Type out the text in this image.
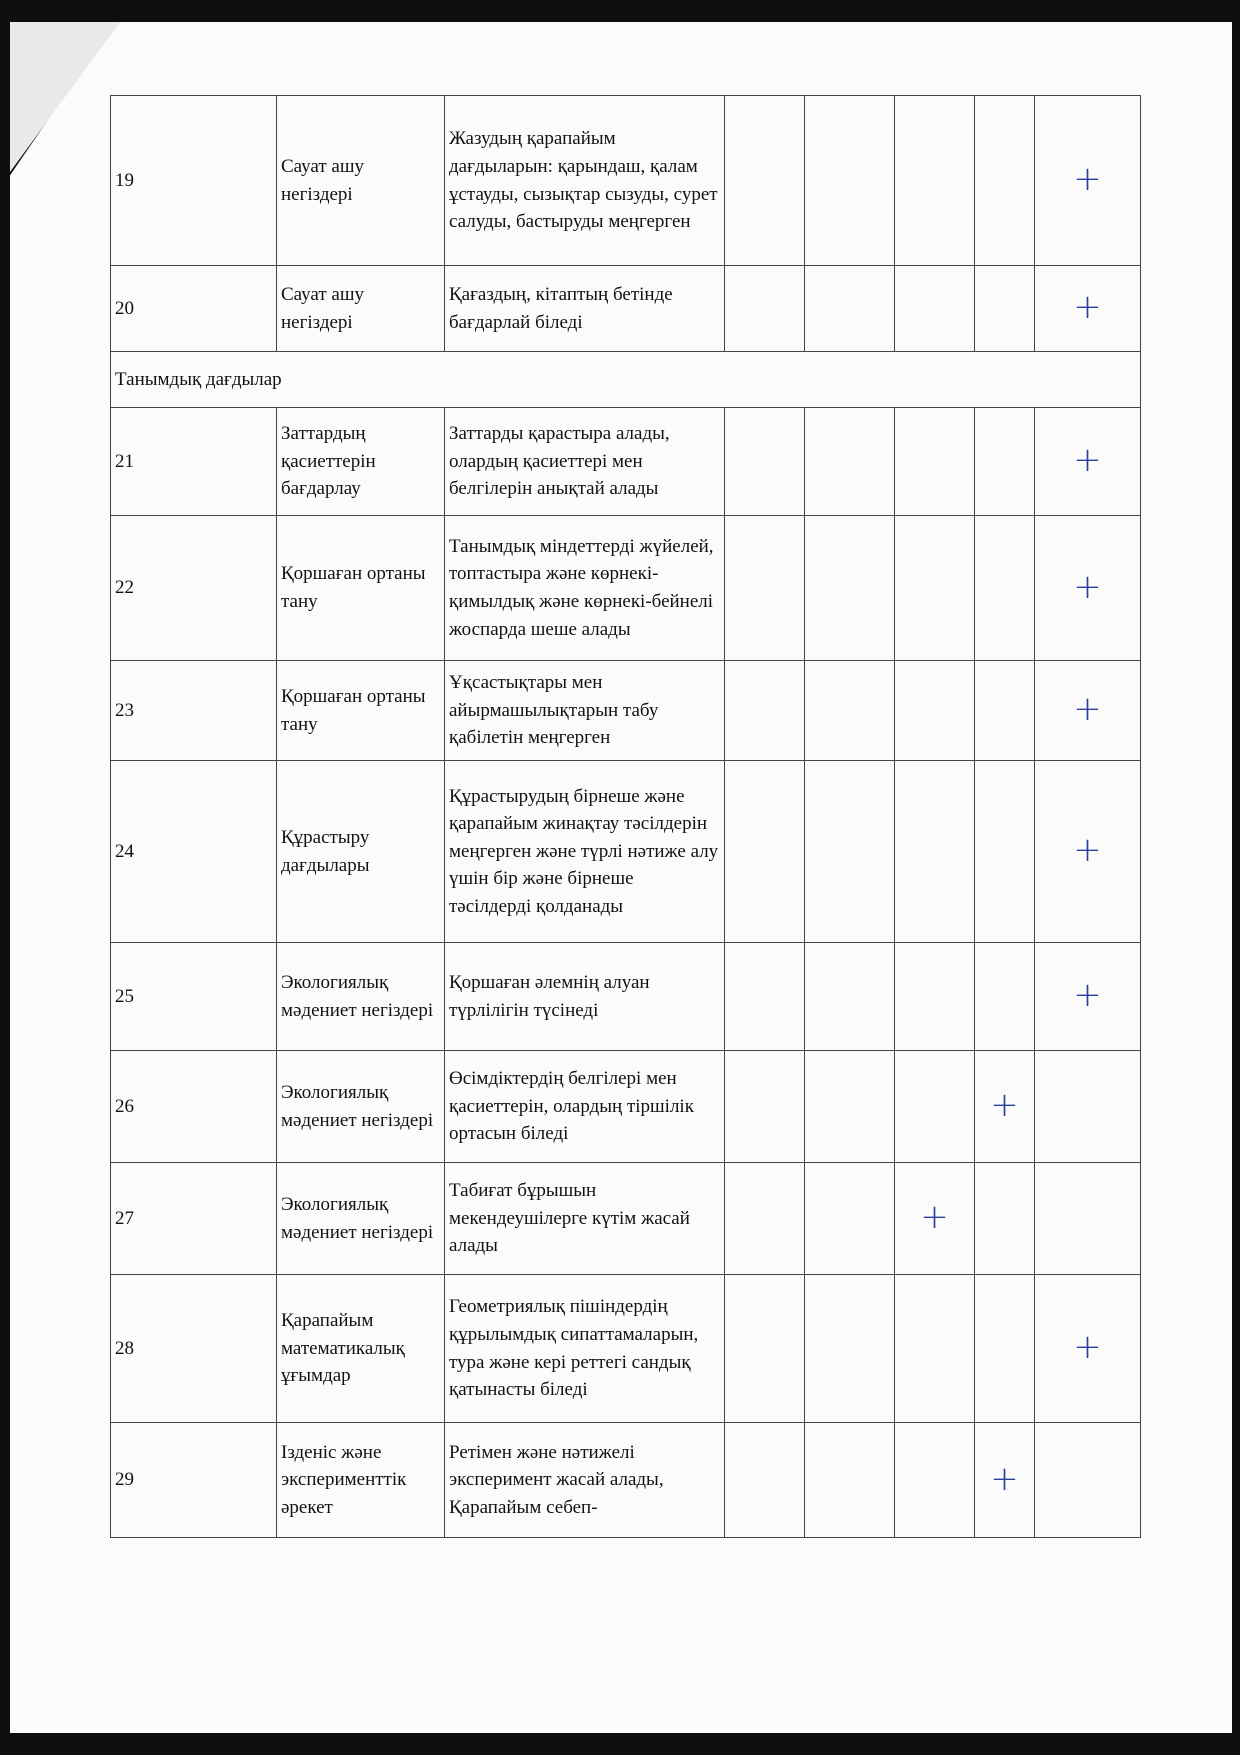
19	Сауат ашу негіздері	Жазудың қарапайым дағдыларын: қарындаш, қалам ұстауды, сызықтар сызуды, сурет салуды, бастыруды меңгерген					+
20	Сауат ашу негіздері	Қағаздың, кітаптың бетінде бағдарлай біледі					+
Танымдық дағдылар							
21	Заттардың қасиеттерін бағдарлау	Заттарды қарастыра алады, олардың қасиеттері мен белгілерін анықтай алады					+
22	Қоршаған ортаны тану	Танымдық міндеттерді жүйелей, топтастыра және көрнекі-қимылдық және көрнекі-бейнелі жоспарда шеше алады					+
23	Қоршаған ортаны тану	Ұқсастықтары мен айырмашылықтарын табу қабілетін меңгерген					+
24	Құрастыру дағдылары	Құрастырудың бірнеше және қарапайым жинақтау тәсілдерін меңгерген және түрлі нәтиже алу үшін бір және бірнеше тәсілдерді қолданады					+
25	Экологиялық мәдениет негіздері	Қоршаған әлемнің алуан түрлілігін түсінеді					+
26	Экологиялық мәдениет негіздері	Өсімдіктердің белгілері мен қасиеттерін, олардың тіршілік ортасын біледі				+	
27	Экологиялық мәдениет негіздері	Табиғат бұрышын мекендеушілерге күтім жасай алады			+		
28	Қарапайым математикалық ұғымдар	Геометриялық пішіндердің құрылымдық сипаттамаларын, тура және кері реттегі сандық қатынасты біледі					+
29	Ізденіс және эксперименттік әрекет	Ретімен және нәтижелі эксперимент жасай алады, Қарапайым себеп-				+	
